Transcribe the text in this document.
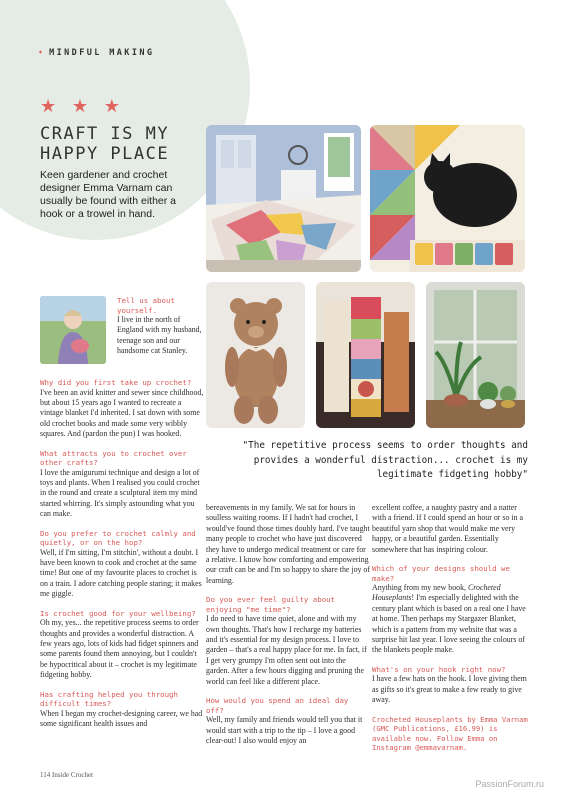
➧ MINDFUL MAKING
★ ★ ★
CRAFT IS MY
HAPPY PLACE
Keen gardener and crochet designer Emma Varnam can usually be found with either a hook or a trowel in hand.

Tell us about yourself.

I live in the north of England with my husband, teenage son and our handsome cat Stanley.

Why did you first take up crochet?

I've been an avid knitter and sewer since childhood, but about 15 years ago I wanted to recreate a vintage blanket I'd inherited. I sat down with some old crochet books and made some very wibbly squares. And (pardon the pun) I was hooked.

What attracts you to crochet over other crafts?

I love the amigurumi technique and design a lot of toys and plants. When I realised you could crochet in the round and create a sculptural item my mind started whirring. It's simply astounding what you can make.

Do you prefer to crochet calmly and quietly, or on the hop?

Well, if I'm sitting, I'm stitchin', without a doubt. I have been known to cook and crochet at the same time! But one of my favourite places to crochet is on a train. I adore catching people staring; it makes me giggle.

Is crochet good for your wellbeing?

Oh my, yes... the repetitive process seems to order thoughts and provides a wonderful distraction. A few years ago, lots of kids had fidget spinners and some parents found them annoying, but I couldn't be hypocritical about it – crochet is my legitimate fidgeting hobby.

Has crafting helped you through difficult times?

When I began my crochet-designing career, we had some significant health issues and

"The repetitive process seems to order thoughts and provides a wonderful distraction... crochet is my legitimate fidgeting hobby"

bereavements in my family. We sat for hours in soulless waiting rooms. If I hadn't had crochet, I would've found those times doubly hard. I've taught many people to crochet who have just discovered they have to undergo medical treatment or care for a relative. I know how comforting and empowering our craft can be and I'm so happy to share the joy of learning.

Do you ever feel guilty about enjoying "me time"?

I do need to have time quiet, alone and with my own thoughts. That's how I recharge my batteries and it's essential for my design process. I love to garden – that's a real happy place for me. In fact, if I get very grumpy I'm often sent out into the garden. After a few hours digging and pruning the world can feel like a different place.

How would you spend an ideal day off?

Well, my family and friends would tell you that it would start with a trip to the tip – I love a good clear-out! I also would enjoy an

excellent coffee, a naughty pastry and a natter with a friend. If I could spend an hour or so in a beautiful yarn shop that would make me very happy, or a beautiful garden. Essentially somewhere that has inspiring colour.

Which of your designs should we make?

Anything from my new book, Crocheted Houseplants! I'm especially delighted with the century plant which is based on a real one I have at home. Then perhaps my Stargazer Blanket, which is a pattern from my website that was a surprise hit last year. I love seeing the colours of the blankets people make.

What's on your hook right now?

I have a few hats on the hook. I love giving them as gifts so it's great to make a few ready to give away.

Crocheted Houseplants by Emma Varnam (GMC Publications, £16.99) is available now. Follow Emma on Instagram @emmavarnam.

114 Inside Crochet
PassionForum.ru
